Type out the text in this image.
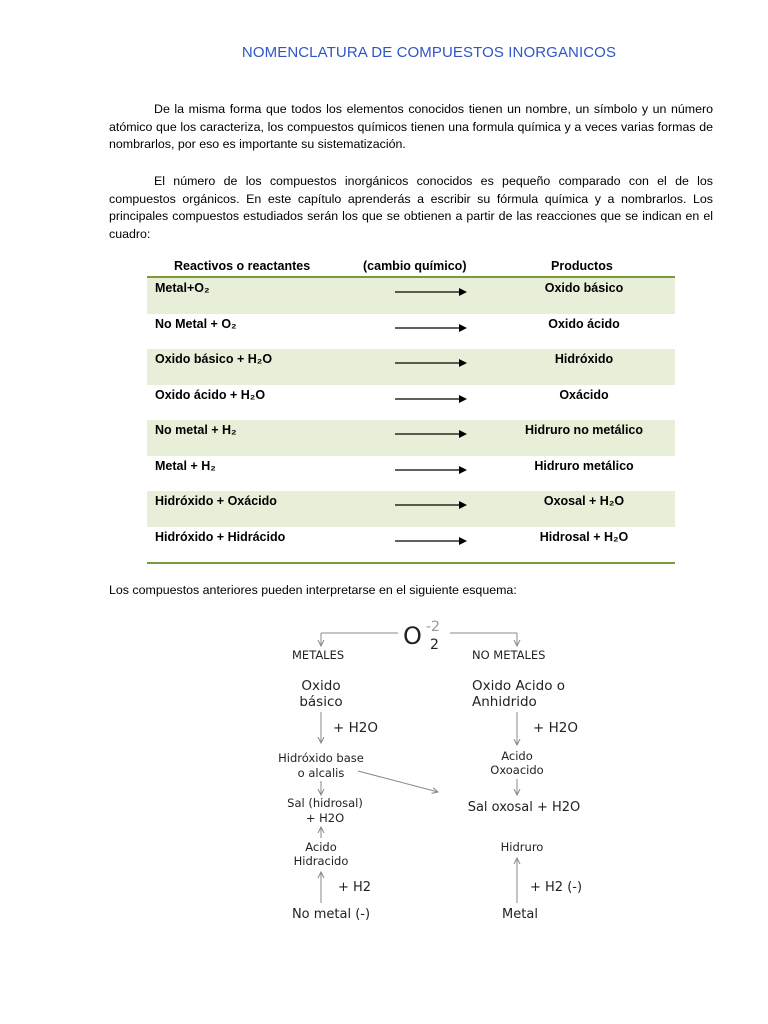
NOMENCLATURA DE COMPUESTOS INORGANICOS

De la misma forma que todos los elementos conocidos tienen un nombre, un símbolo y un número atómico que los caracteriza, los compuestos químicos tienen una formula química y a veces varias formas de nombrarlos, por eso es importante su sistematización.

El número de los compuestos inorgánicos conocidos es pequeño comparado con el de los compuestos orgánicos. En este capítulo aprenderás a escribir su fórmula química y a nombrarlos. Los principales compuestos estudiados serán los que se obtienen a partir de las reacciones que se indican en el cuadro:

Reactivos o reactantes	(cambio químico)	Productos
Metal+O₂	Oxido básico
No Metal + O₂	Oxido ácido
Oxido básico + H₂O	Hidróxido
Oxido ácido + H₂O	Oxácido
No metal + H₂	Hidruro no metálico
Metal + H₂	Hidruro metálico
Hidróxido + Oxácido	Oxosal + H₂O
Hidróxido + Hidrácido	Hidrosal + H₂O

Los compuestos anteriores pueden interpretarse en el siguiente esquema:

O 2
-2
METALES	NO METALES
Oxido
básico
Oxido Acido o
Anhidrido
+ H2O	+ H2O
Hidróxido base
o alcalis
Acido
Oxoacido
Sal (hidrosal)
+ H2O
Sal oxosal + H2O
Acido
Hidracido
Hidruro
+ H2	+ H2 (-)
No metal (-)	Metal
